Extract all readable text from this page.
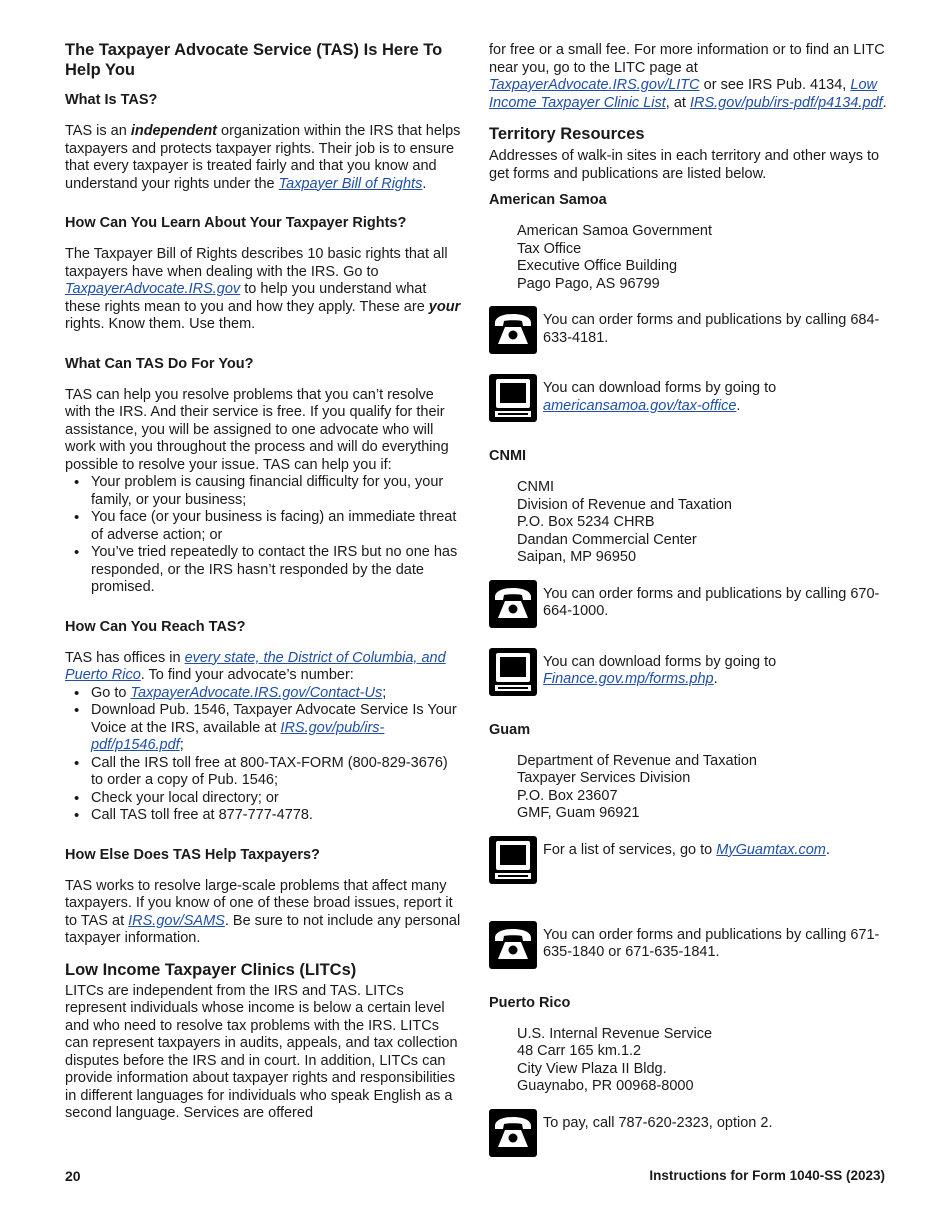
The Taxpayer Advocate Service (TAS) Is Here To Help You
What Is TAS?

TAS is an independent organization within the IRS that helps taxpayers and protects taxpayer rights. Their job is to ensure that every taxpayer is treated fairly and that you know and understand your rights under the Taxpayer Bill of Rights.

How Can You Learn About Your Taxpayer Rights?

The Taxpayer Bill of Rights describes 10 basic rights that all taxpayers have when dealing with the IRS. Go to TaxpayerAdvocate.IRS.gov to help you understand what these rights mean to you and how they apply. These are your rights. Know them. Use them.

What Can TAS Do For You?

TAS can help you resolve problems that you can’t resolve with the IRS. And their service is free. If you qualify for their assistance, you will be assigned to one advocate who will work with you throughout the process and will do everything possible to resolve your issue. TAS can help you if:

• Your problem is causing financial difficulty for you, your family, or your business;
• You face (or your business is facing) an immediate threat of adverse action; or
• You’ve tried repeatedly to contact the IRS but no one has responded, or the IRS hasn’t responded by the date promised.
How Can You Reach TAS?

TAS has offices in every state, the District of Columbia, and Puerto Rico. To find your advocate’s number:

• Go to TaxpayerAdvocate.IRS.gov/Contact-Us;
• Download Pub. 1546, Taxpayer Advocate Service Is Your Voice at the IRS, available at IRS.gov/pub/irs-pdf/p1546.pdf;
• Call the IRS toll free at 800-TAX-FORM (800-829-3676) to order a copy of Pub. 1546;
• Check your local directory; or
• Call TAS toll free at 877-777-4778.
How Else Does TAS Help Taxpayers?

TAS works to resolve large-scale problems that affect many taxpayers. If you know of one of these broad issues, report it to TAS at IRS.gov/SAMS. Be sure to not include any personal taxpayer information.

Low Income Taxpayer Clinics (LITCs)

LITCs are independent from the IRS and TAS. LITCs represent individuals whose income is below a certain level and who need to resolve tax problems with the IRS. LITCs can represent taxpayers in audits, appeals, and tax collection disputes before the IRS and in court. In addition, LITCs can provide information about taxpayer rights and responsibilities in different languages for individuals who speak English as a second language. Services are offered

for free or a small fee. For more information or to find an LITC near you, go to the LITC page at TaxpayerAdvocate.IRS.gov/LITC or see IRS Pub. 4134, Low Income Taxpayer Clinic List, at IRS.gov/pub/irs-pdf/p4134.pdf.

Territory Resources

Addresses of walk-in sites in each territory and other ways to get forms and publications are listed below.

American Samoa

American Samoa Government

Tax Office

Executive Office Building

Pago Pago, AS 96799

You can order forms and publications by calling 684-633-4181.

You can download forms by going to americansamoa.gov/tax-office.

CNMI

CNMI

Division of Revenue and Taxation

P.O. Box 5234 CHRB

Dandan Commercial Center

Saipan, MP 96950

You can order forms and publications by calling 670-664-1000.

You can download forms by going to Finance.gov.mp/forms.php.

Guam

Department of Revenue and Taxation

Taxpayer Services Division

P.O. Box 23607

GMF, Guam 96921

For a list of services, go to MyGuamtax.com.

You can order forms and publications by calling 671-635-1840 or 671-635-1841.

Puerto Rico

U.S. Internal Revenue Service

48 Carr 165 km.1.2

City View Plaza II Bldg.

Guaynabo, PR 00968-8000

To pay, call 787-620-2323, option 2.

20	Instructions for Form 1040-SS (2023)
